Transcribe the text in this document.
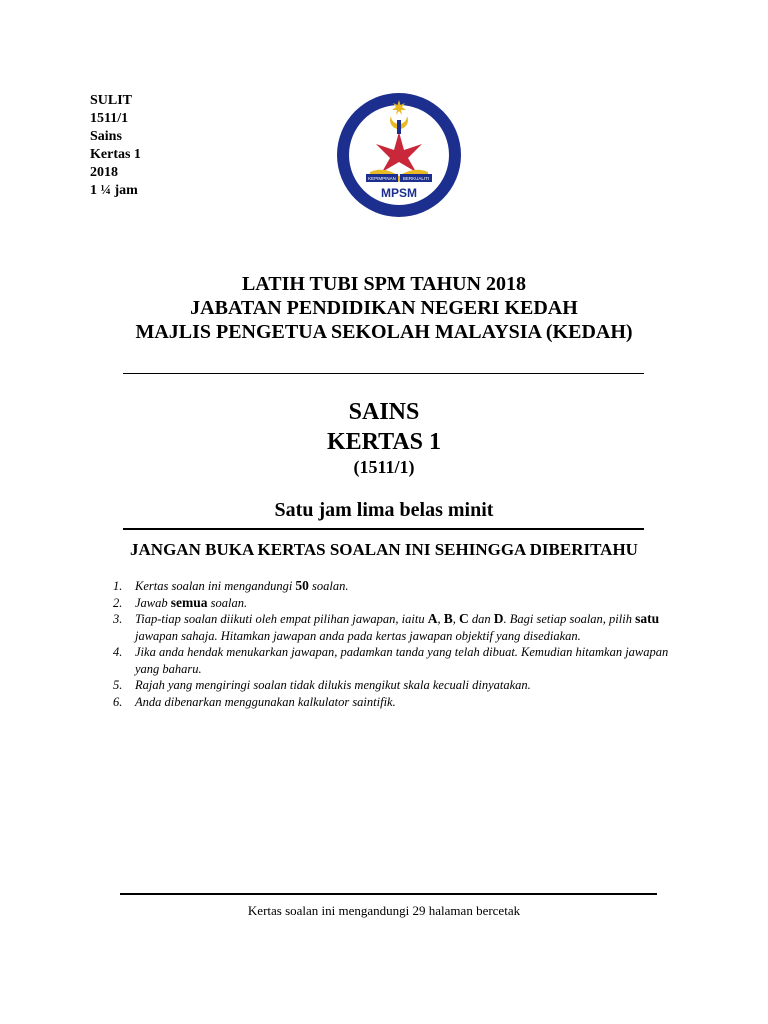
SULIT
1511/1
Sains
Kertas 1
2018
1 ¼ jam
KEPIMPINAN BERKUALITI
MPSM
LATIH TUBI SPM TAHUN 2018
JABATAN PENDIDIKAN NEGERI KEDAH
MAJLIS PENGETUA SEKOLAH MALAYSIA (KEDAH)
SAINS
KERTAS 1
(1511/1)
Satu jam lima belas minit
JANGAN BUKA KERTAS SOALAN INI SEHINGGA DIBERITAHU
1. Kertas soalan ini mengandungi 50 soalan.
2. Jawab semua soalan.
3. Tiap-tiap soalan diikuti oleh empat pilihan jawapan, iaitu A, B, C dan D. Bagi setiap soalan, pilih satu jawapan sahaja. Hitamkan jawapan anda pada kertas jawapan objektif yang disediakan.
4. Jika anda hendak menukarkan jawapan, padamkan tanda yang telah dibuat. Kemudian hitamkan jawapan yang baharu.
5. Rajah yang mengiringi soalan tidak dilukis mengikut skala kecuali dinyatakan.
6. Anda dibenarkan menggunakan kalkulator saintifik.
Kertas soalan ini mengandungi 29 halaman bercetak
